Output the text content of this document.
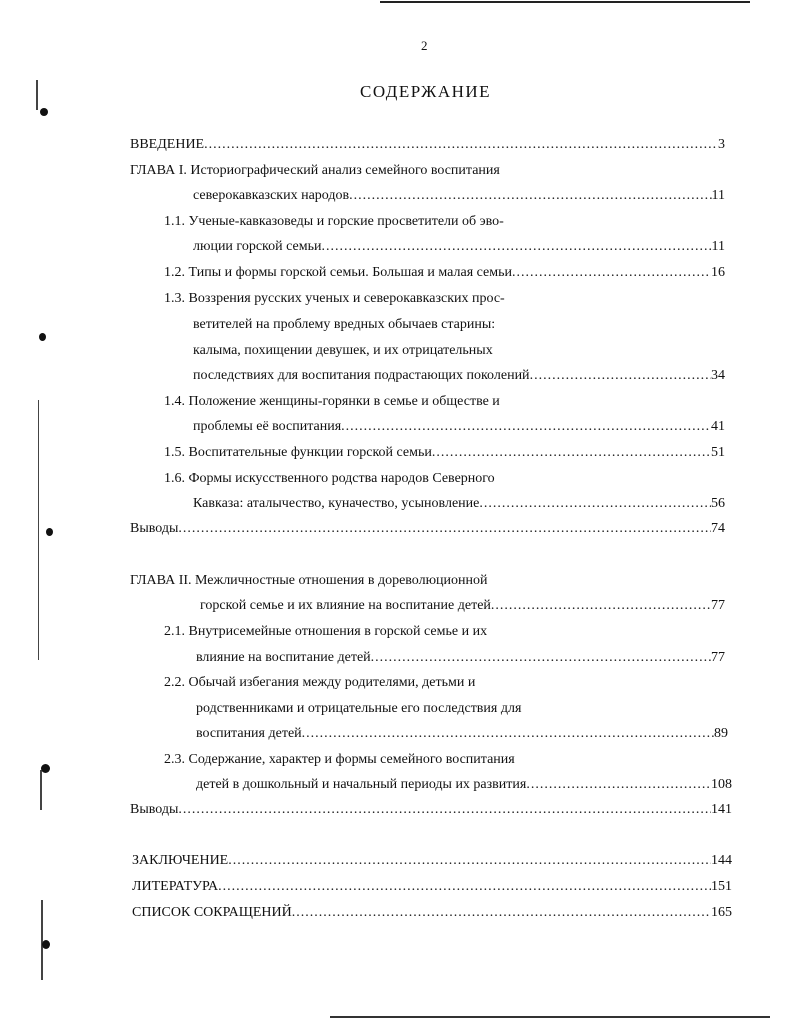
2
СОДЕРЖАНИЕ
ВВЕДЕНИЕ .....	3
ГЛАВА I. Историографический анализ семейного воспитания
северокавказских народов .....	11
1.1. Ученые-кавказоведы и горские просветители об эво-
люции горской семьи .....	11
1.2. Типы и формы горской семьи. Большая и малая семьи .....	16
1.3. Воззрения русских ученых и северокавказских прос-
ветителей на проблему вредных обычаев старины:
калыма, похищении девушек, и их отрицательных
последствиях для воспитания подрастающих поколений .....	34
1.4. Положение женщины-горянки в семье и обществе и
проблемы её воспитания .....	41
1.5. Воспитательные функции горской семьи .....	51
1.6. Формы искусственного родства народов Северного
Кавказа: аталычество, куначество, усыновление .....	56
Выводы .....	74
ГЛАВА II. Межличностные отношения в дореволюционной
горской семье и их влияние на воспитание детей .....	77
2.1. Внутрисемейные отношения в горской семье и их
влияние на воспитание детей .....	77
2.2. Обычай избегания между родителями, детьми и
родственниками и отрицательные его последствия для
воспитания детей .....	89
2.3. Содержание, характер и формы семейного воспитания
детей в дошкольный и начальный периоды их развития .....	108
Выводы .....	141
ЗАКЛЮЧЕНИЕ .....	144
ЛИТЕРАТУРА .....	151
СПИСОК СОКРАЩЕНИЙ .....	165
